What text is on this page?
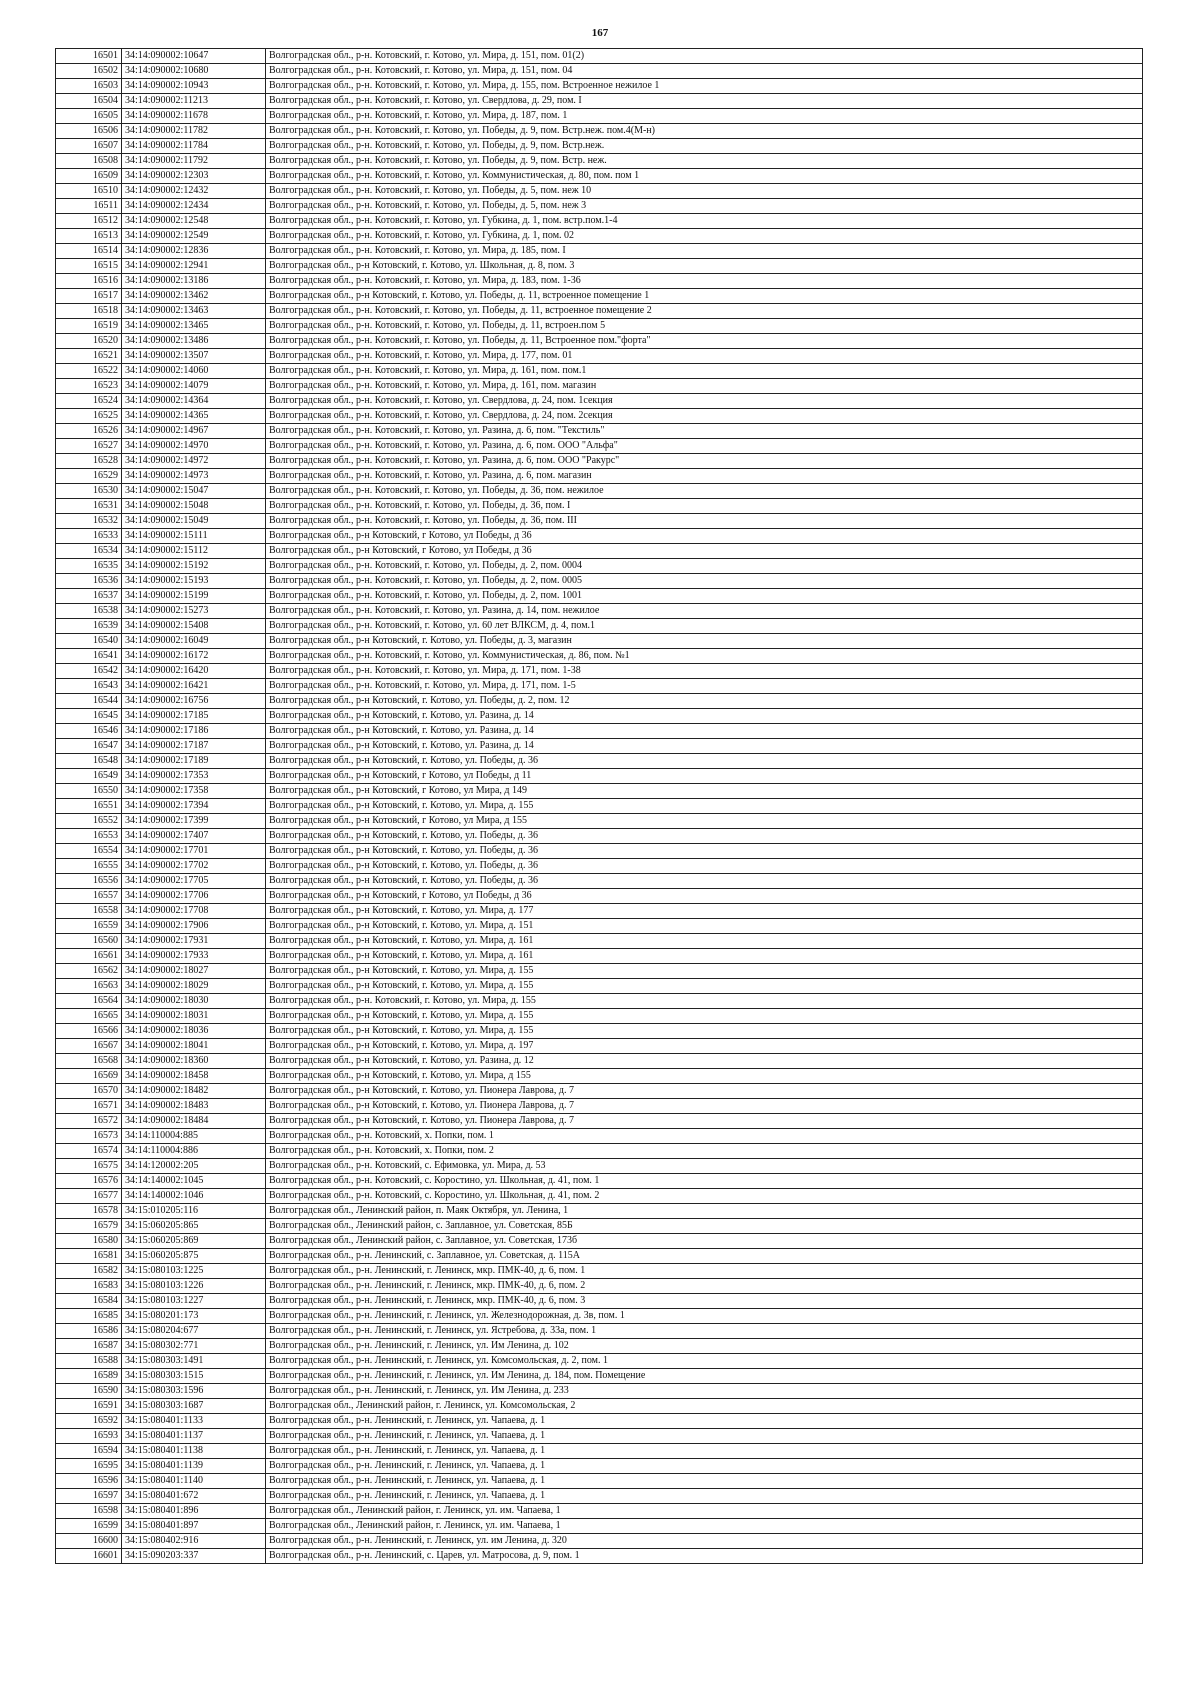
167
16501	34:14:090002:10647	Волгоградская обл., р-н. Котовский, г. Котово, ул. Мира, д. 151, пом. 01(2)
16502	34:14:090002:10680	Волгоградская обл., р-н. Котовский, г. Котово, ул. Мира, д. 151, пом. 04
16503	34:14:090002:10943	Волгоградская обл., р-н. Котовский, г. Котово, ул. Мира, д. 155, пом. Встроенное нежилое 1
16504	34:14:090002:11213	Волгоградская обл., р-н. Котовский, г. Котово, ул. Свердлова, д. 29, пом. I
16505	34:14:090002:11678	Волгоградская обл., р-н. Котовский, г. Котово, ул. Мира, д. 187, пом. 1
16506	34:14:090002:11782	Волгоградская обл., р-н. Котовский, г. Котово, ул. Победы, д. 9, пом. Встр.неж. пом.4(М-н)
16507	34:14:090002:11784	Волгоградская обл., р-н. Котовский, г. Котово, ул. Победы, д. 9, пом. Встр.неж.
16508	34:14:090002:11792	Волгоградская обл., р-н. Котовский, г. Котово, ул. Победы, д. 9, пом. Встр. неж.
16509	34:14:090002:12303	Волгоградская обл., р-н. Котовский, г. Котово, ул. Коммунистическая, д. 80, пом. пом 1
16510	34:14:090002:12432	Волгоградская обл., р-н. Котовский, г. Котово, ул. Победы, д. 5, пом. неж 10
16511	34:14:090002:12434	Волгоградская обл., р-н. Котовский, г. Котово, ул. Победы, д. 5, пом. неж 3
16512	34:14:090002:12548	Волгоградская обл., р-н. Котовский, г. Котово, ул. Губкина, д. 1, пом. встр.пом.1-4
16513	34:14:090002:12549	Волгоградская обл., р-н. Котовский, г. Котово, ул. Губкина, д. 1, пом. 02
16514	34:14:090002:12836	Волгоградская обл., р-н. Котовский, г. Котово, ул. Мира, д. 185, пом. I
16515	34:14:090002:12941	Волгоградская обл., р-н Котовский, г. Котово, ул. Школьная, д. 8, пом. 3
16516	34:14:090002:13186	Волгоградская обл., р-н. Котовский, г. Котово, ул. Мира, д. 183, пом. 1-36
16517	34:14:090002:13462	Волгоградская обл., р-н Котовский, г. Котово, ул. Победы, д. 11, встроенное помещение 1
16518	34:14:090002:13463	Волгоградская обл., р-н. Котовский, г. Котово, ул. Победы, д. 11, встроенное помещение 2
16519	34:14:090002:13465	Волгоградская обл., р-н. Котовский, г. Котово, ул. Победы, д. 11, встроен.пом 5
16520	34:14:090002:13486	Волгоградская обл., р-н. Котовский, г. Котово, ул. Победы, д. 11, Встроенное пом."форта"
16521	34:14:090002:13507	Волгоградская обл., р-н. Котовский, г. Котово, ул. Мира, д. 177, пом. 01
16522	34:14:090002:14060	Волгоградская обл., р-н. Котовский, г. Котово, ул. Мира, д. 161, пом. пом.1
16523	34:14:090002:14079	Волгоградская обл., р-н. Котовский, г. Котово, ул. Мира, д. 161, пом. магазин
16524	34:14:090002:14364	Волгоградская обл., р-н. Котовский, г. Котово, ул. Свердлова, д. 24, пом. 1секция
16525	34:14:090002:14365	Волгоградская обл., р-н. Котовский, г. Котово, ул. Свердлова, д. 24, пом. 2секция
16526	34:14:090002:14967	Волгоградская обл., р-н. Котовский, г. Котово, ул. Разина, д. 6, пом. "Текстиль"
16527	34:14:090002:14970	Волгоградская обл., р-н. Котовский, г. Котово, ул. Разина, д. 6, пом. ООО "Альфа"
16528	34:14:090002:14972	Волгоградская обл., р-н. Котовский, г. Котово, ул. Разина, д. 6, пом. ООО "Ракурс"
16529	34:14:090002:14973	Волгоградская обл., р-н. Котовский, г. Котово, ул. Разина, д. 6, пом. магазин
16530	34:14:090002:15047	Волгоградская обл., р-н. Котовский, г. Котово, ул. Победы, д. 36, пом. нежилое
16531	34:14:090002:15048	Волгоградская обл., р-н. Котовский, г. Котово, ул. Победы, д. 36, пом. I
16532	34:14:090002:15049	Волгоградская обл., р-н. Котовский, г. Котово, ул. Победы, д. 36, пом. III
16533	34:14:090002:15111	Волгоградская обл., р-н Котовский, г Котово, ул Победы, д 36
16534	34:14:090002:15112	Волгоградская обл., р-н Котовский, г Котово, ул Победы, д 36
16535	34:14:090002:15192	Волгоградская обл., р-н. Котовский, г. Котово, ул. Победы, д. 2, пом. 0004
16536	34:14:090002:15193	Волгоградская обл., р-н. Котовский, г. Котово, ул. Победы, д. 2, пом. 0005
16537	34:14:090002:15199	Волгоградская обл., р-н. Котовский, г. Котово, ул. Победы, д. 2, пом. 1001
16538	34:14:090002:15273	Волгоградская обл., р-н. Котовский, г. Котово, ул. Разина, д. 14, пом. нежилое
16539	34:14:090002:15408	Волгоградская обл., р-н. Котовский, г. Котово, ул. 60 лет ВЛКСМ, д. 4, пом.1
16540	34:14:090002:16049	Волгоградская обл., р-н Котовский, г. Котово, ул. Победы, д. 3, магазин
16541	34:14:090002:16172	Волгоградская обл., р-н. Котовский, г. Котово, ул. Коммунистическая, д. 86, пом. №1
16542	34:14:090002:16420	Волгоградская обл., р-н. Котовский, г. Котово, ул. Мира, д. 171, пом. 1-38
16543	34:14:090002:16421	Волгоградская обл., р-н. Котовский, г. Котово, ул. Мира, д. 171, пом. 1-5
16544	34:14:090002:16756	Волгоградская обл., р-н Котовский, г. Котово, ул. Победы, д. 2, пом. 12
16545	34:14:090002:17185	Волгоградская обл., р-н Котовский, г. Котово, ул. Разина, д. 14
16546	34:14:090002:17186	Волгоградская обл., р-н Котовский, г. Котово, ул. Разина, д. 14
16547	34:14:090002:17187	Волгоградская обл., р-н Котовский, г. Котово, ул. Разина, д. 14
16548	34:14:090002:17189	Волгоградская обл., р-н Котовский, г. Котово, ул. Победы, д. 36
16549	34:14:090002:17353	Волгоградская обл., р-н Котовский, г Котово, ул Победы, д 11
16550	34:14:090002:17358	Волгоградская обл., р-н Котовский, г Котово, ул Мира, д 149
16551	34:14:090002:17394	Волгоградская обл., р-н Котовский, г. Котово, ул. Мира, д. 155
16552	34:14:090002:17399	Волгоградская обл., р-н Котовский, г Котово, ул Мира, д 155
16553	34:14:090002:17407	Волгоградская обл., р-н Котовский, г. Котово, ул. Победы, д. 36
16554	34:14:090002:17701	Волгоградская обл., р-н Котовский, г. Котово, ул. Победы, д. 36
16555	34:14:090002:17702	Волгоградская обл., р-н Котовский, г. Котово, ул. Победы, д. 36
16556	34:14:090002:17705	Волгоградская обл., р-н Котовский, г. Котово, ул. Победы, д. 36
16557	34:14:090002:17706	Волгоградская обл., р-н Котовский, г Котово, ул Победы, д 36
16558	34:14:090002:17708	Волгоградская обл., р-н Котовский, г. Котово, ул. Мира, д. 177
16559	34:14:090002:17906	Волгоградская обл., р-н Котовский, г. Котово, ул. Мира, д. 151
16560	34:14:090002:17931	Волгоградская обл., р-н Котовский, г. Котово, ул. Мира, д. 161
16561	34:14:090002:17933	Волгоградская обл., р-н Котовский, г. Котово, ул. Мира, д. 161
16562	34:14:090002:18027	Волгоградская обл., р-н Котовский, г. Котово, ул. Мира, д. 155
16563	34:14:090002:18029	Волгоградская обл., р-н Котовский, г. Котово, ул. Мира, д. 155
16564	34:14:090002:18030	Волгоградская обл., р-н. Котовский, г. Котово, ул. Мира, д. 155
16565	34:14:090002:18031	Волгоградская обл., р-н Котовский, г. Котово, ул. Мира, д. 155
16566	34:14:090002:18036	Волгоградская обл., р-н Котовский, г. Котово, ул. Мира, д. 155
16567	34:14:090002:18041	Волгоградская обл., р-н Котовский, г. Котово, ул. Мира, д. 197
16568	34:14:090002:18360	Волгоградская обл., р-н Котовский, г. Котово, ул. Разина, д. 12
16569	34:14:090002:18458	Волгоградская обл., р-н Котовский, г. Котово, ул. Мира, д 155
16570	34:14:090002:18482	Волгоградская обл., р-н Котовский, г. Котово, ул. Пионера Лаврова, д. 7
16571	34:14:090002:18483	Волгоградская обл., р-н Котовский, г. Котово, ул. Пионера Лаврова, д. 7
16572	34:14:090002:18484	Волгоградская обл., р-н Котовский, г. Котово, ул. Пионера Лаврова, д. 7
16573	34:14:110004:885	Волгоградская обл., р-н. Котовский, х. Попки, пом. 1
16574	34:14:110004:886	Волгоградская обл., р-н. Котовский, х. Попки, пом. 2
16575	34:14:120002:205	Волгоградская обл., р-н. Котовский, с. Ефимовка, ул. Мира, д. 53
16576	34:14:140002:1045	Волгоградская обл., р-н. Котовский, с. Коростино, ул. Школьная, д. 41, пом. 1
16577	34:14:140002:1046	Волгоградская обл., р-н. Котовский, с. Коростино, ул. Школьная, д. 41, пом. 2
16578	34:15:010205:116	Волгоградская обл., Ленинский район, п. Маяк Октября, ул. Ленина, 1
16579	34:15:060205:865	Волгоградская обл., Ленинский район, с. Заплавное, ул. Советская, 85Б
16580	34:15:060205:869	Волгоградская обл., Ленинский район, с. Заплавное, ул. Советская, 173б
16581	34:15:060205:875	Волгоградская обл., р-н. Ленинский, с. Заплавное, ул. Советская, д. 115А
16582	34:15:080103:1225	Волгоградская обл., р-н. Ленинский, г. Ленинск, мкр. ПМК-40, д. 6, пом. 1
16583	34:15:080103:1226	Волгоградская обл., р-н. Ленинский, г. Ленинск, мкр. ПМК-40, д. 6, пом. 2
16584	34:15:080103:1227	Волгоградская обл., р-н. Ленинский, г. Ленинск, мкр. ПМК-40, д. 6, пом. 3
16585	34:15:080201:173	Волгоградская обл., р-н. Ленинский, г. Ленинск, ул. Железнодорожная, д. 3в, пом. 1
16586	34:15:080204:677	Волгоградская обл., р-н. Ленинский, г. Ленинск, ул. Ястребова, д. 33а, пом. 1
16587	34:15:080302:771	Волгоградская обл., р-н. Ленинский, г. Ленинск, ул. Им Ленина, д. 102
16588	34:15:080303:1491	Волгоградская обл., р-н. Ленинский, г. Ленинск, ул. Комсомольская, д. 2, пом. 1
16589	34:15:080303:1515	Волгоградская обл., р-н. Ленинский, г. Ленинск, ул. Им Ленина, д. 184, пом. Помещение
16590	34:15:080303:1596	Волгоградская обл., р-н. Ленинский, г. Ленинск, ул. Им Ленина, д. 233
16591	34:15:080303:1687	Волгоградская обл., Ленинский район, г. Ленинск, ул. Комсомольская, 2
16592	34:15:080401:1133	Волгоградская обл., р-н. Ленинский, г. Ленинск, ул. Чапаева, д. 1
16593	34:15:080401:1137	Волгоградская обл., р-н. Ленинский, г. Ленинск, ул. Чапаева, д. 1
16594	34:15:080401:1138	Волгоградская обл., р-н. Ленинский, г. Ленинск, ул. Чапаева, д. 1
16595	34:15:080401:1139	Волгоградская обл., р-н. Ленинский, г. Ленинск, ул. Чапаева, д. 1
16596	34:15:080401:1140	Волгоградская обл., р-н. Ленинский, г. Ленинск, ул. Чапаева, д. 1
16597	34:15:080401:672	Волгоградская обл., р-н. Ленинский, г. Ленинск, ул. Чапаева, д. 1
16598	34:15:080401:896	Волгоградская обл., Ленинский район, г. Ленинск, ул. им. Чапаева, 1
16599	34:15:080401:897	Волгоградская обл., Ленинский район, г. Ленинск, ул. им. Чапаева, 1
16600	34:15:080402:916	Волгоградская обл., р-н. Ленинский, г. Ленинск, ул. им Ленина, д. 320
16601	34:15:090203:337	Волгоградская обл., р-н. Ленинский, с. Царев, ул. Матросова, д. 9, пом. 1
